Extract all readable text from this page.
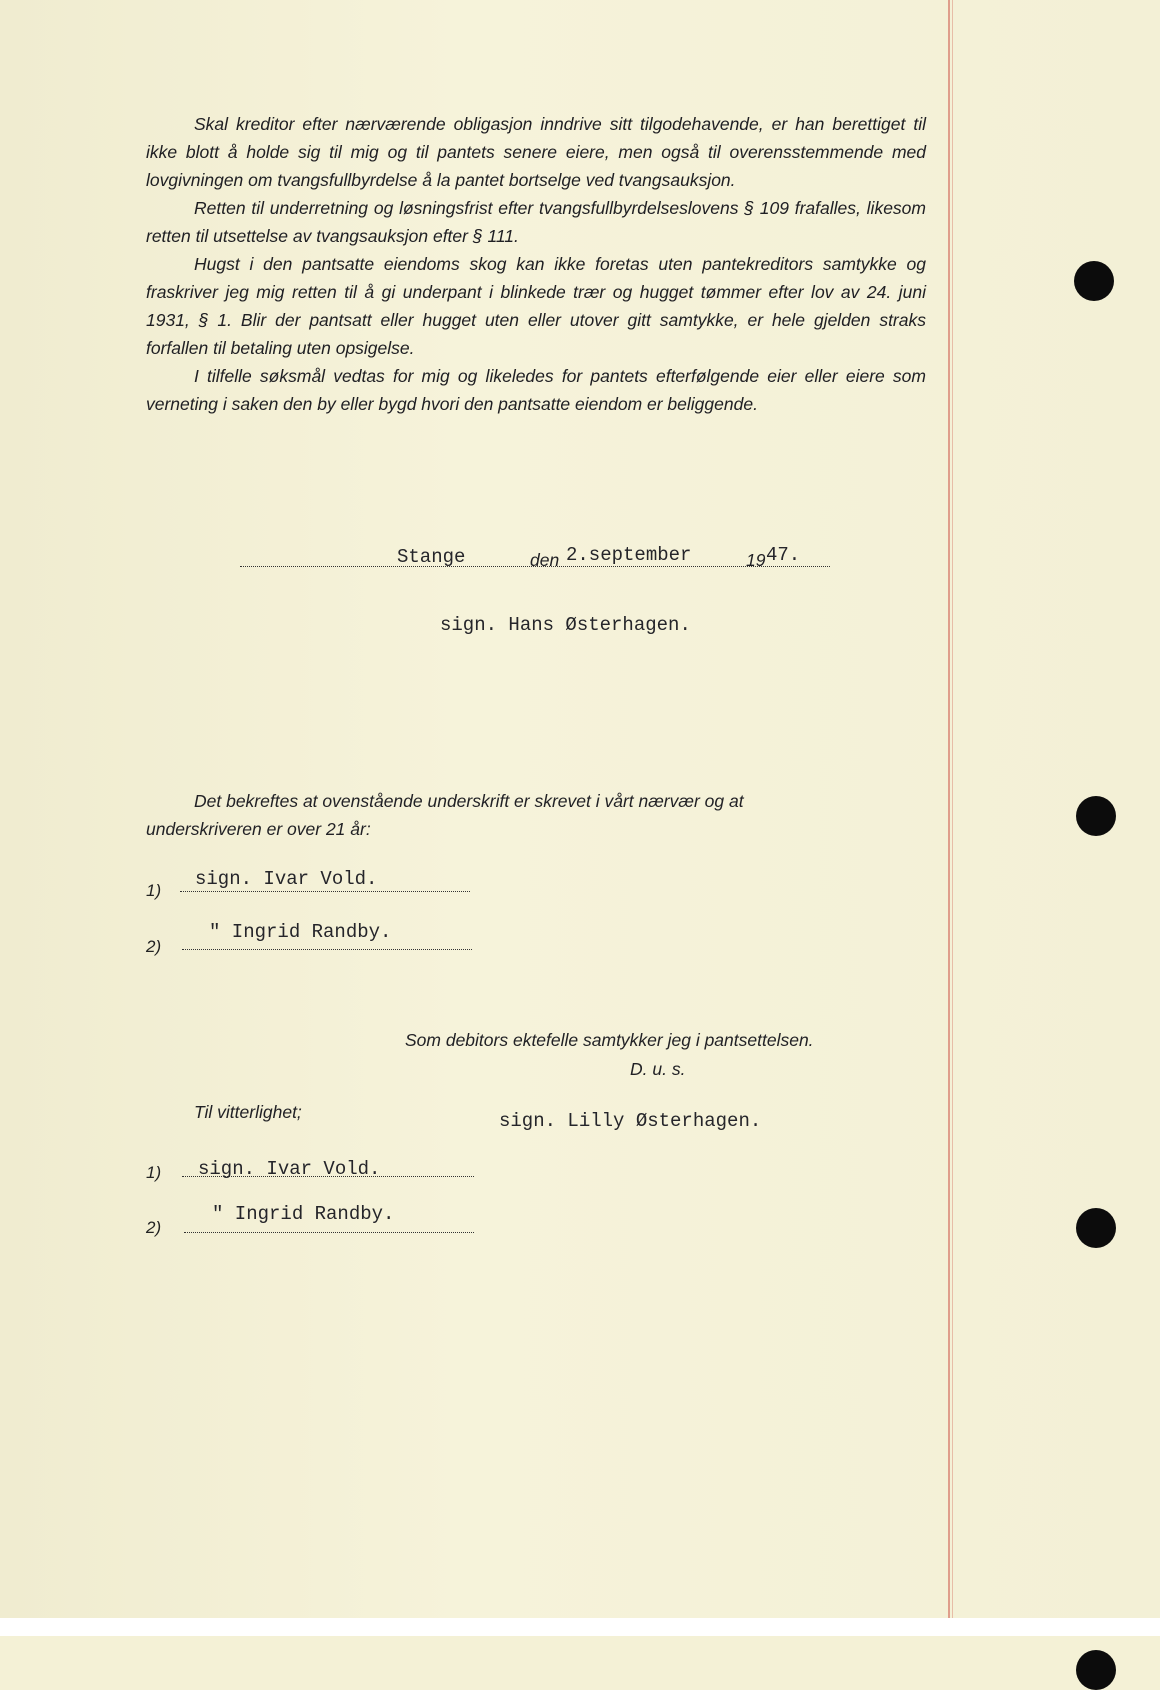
Skal kreditor efter nærværende obligasjon inndrive sitt tilgodehavende, er han berettiget til ikke blott å holde sig til mig og til pantets senere eiere, men også til overensstemmende med lovgivningen om tvangsfullbyrdelse å la pantet bortselge ved tvangsauksjon.

Retten til underretning og løsningsfrist efter tvangsfullbyrdelseslovens § 109 frafalles, likesom retten til utsettelse av tvangsauksjon efter § 111.

Hugst i den pantsatte eiendoms skog kan ikke foretas uten pantekreditors samtykke og fraskriver jeg mig retten til å gi underpant i blinkede trær og hugget tømmer efter lov av 24. juni 1931, § 1. Blir der pantsatt eller hugget uten eller utover gitt samtykke, er hele gjelden straks forfallen til betaling uten opsigelse.

I tilfelle søksmål vedtas for mig og likeledes for pantets efterfølgende eier eller eiere som verneting i saken den by eller bygd hvori den pantsatte eiendom er beliggende.

Stange	den 2.september	19 47.
sign. Hans Østerhagen.
Det bekreftes at ovenstående underskrift er skrevet i vårt nærvær og at
underskriveren er over 21 år:
1)
sign. Ivar Vold.
2)
" Ingrid Randby.
Som debitors ektefelle samtykker jeg i pantsettelsen.
D. u. s.
Til vitterlighet;	sign. Lilly Østerhagen.
1) sign. Ivar Vold.
2)
" Ingrid Randby.
